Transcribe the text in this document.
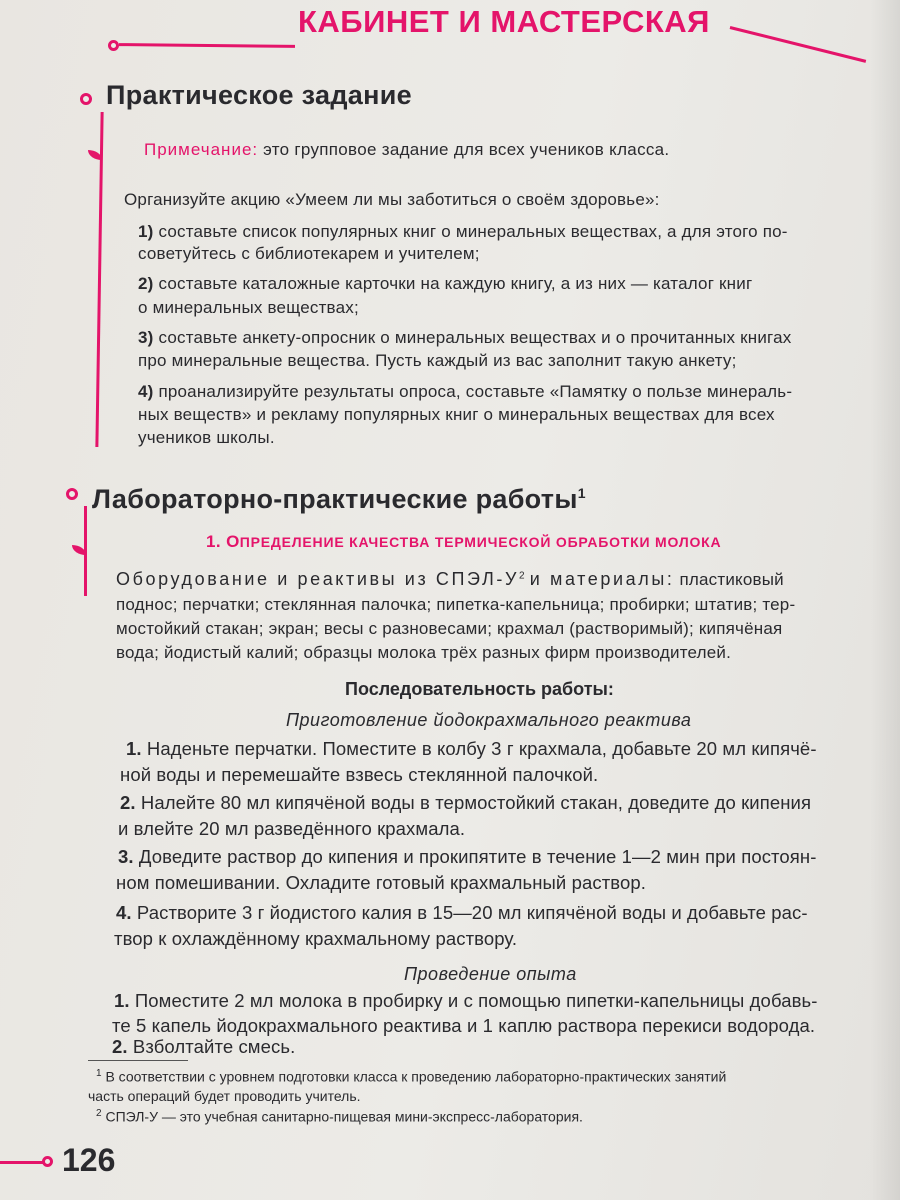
КАБИНЕТ И МАСТЕРСКАЯ
Практическое задание
Примечание: это групповое задание для всех учеников класса.
Организуйте акцию «Умеем ли мы заботиться о своём здоровье»:
1) составьте список популярных книг о минеральных веществах, а для этого по-
советуйтесь с библиотекарем и учителем;
2) составьте каталожные карточки на каждую книгу, а из них — каталог книг
о минеральных веществах;
3) составьте анкету-опросник о минеральных веществах и о прочитанных книгах
про минеральные вещества. Пусть каждый из вас заполнит такую анкету;
4) проанализируйте результаты опроса, составьте «Памятку о пользе минераль-
ных веществ» и рекламу популярных книг о минеральных веществах для всех
учеников школы.
Лабораторно-практические работы$^1$
1. ОПРЕДЕЛЕНИЕ КАЧЕСТВА ТЕРМИЧЕСКОЙ ОБРАБОТКИ МОЛОКА
Оборудование и реактивы из СПЭЛ-$У^2$ и материалы: пластиковый
поднос; перчатки; стеклянная палочка; пипетка-капельница; пробирки; штатив; тер-
мостойкий стакан; экран; весы с разновесами; крахмал (растворимый); кипячёная
вода; йодистый калий; образцы молока трёх разных фирм производителей.
Последовательность работы:
Приготовление йодокрахмального реактива
1. Наденьте перчатки. Поместите в колбу 3 г крахмала, добавьте 20 мл кипячё-
ной воды и перемешайте взвесь стеклянной палочкой.
2. Налейте 80 мл кипячёной воды в термостойкий стакан, доведите до кипения
и влейте 20 мл разведённого крахмала.
3. Доведите раствор до кипения и прокипятите в течение 1—2 мин при постоян-
ном помешивании. Охладите готовый крахмальный раствор.
4. Растворите 3 г йодистого калия в 15—20 мл кипячёной воды и добавьте рас-
твор к охлаждённому крахмальному раствору.
Проведение опыта
1. Поместите 2 мл молока в пробирку и с помощью пипетки-капельницы добавь-
те 5 капель йодокрахмального реактива и 1 каплю раствора перекиси водорода.
2. Взболтайте смесь.
$^1$ В соответствии с уровнем подготовки класса к проведению лабораторно-практических занятий
часть операций будет проводить учитель.
$^2$ СПЭЛ-У — это учебная санитарно-пищевая мини-экспресс-лаборатория.
126
